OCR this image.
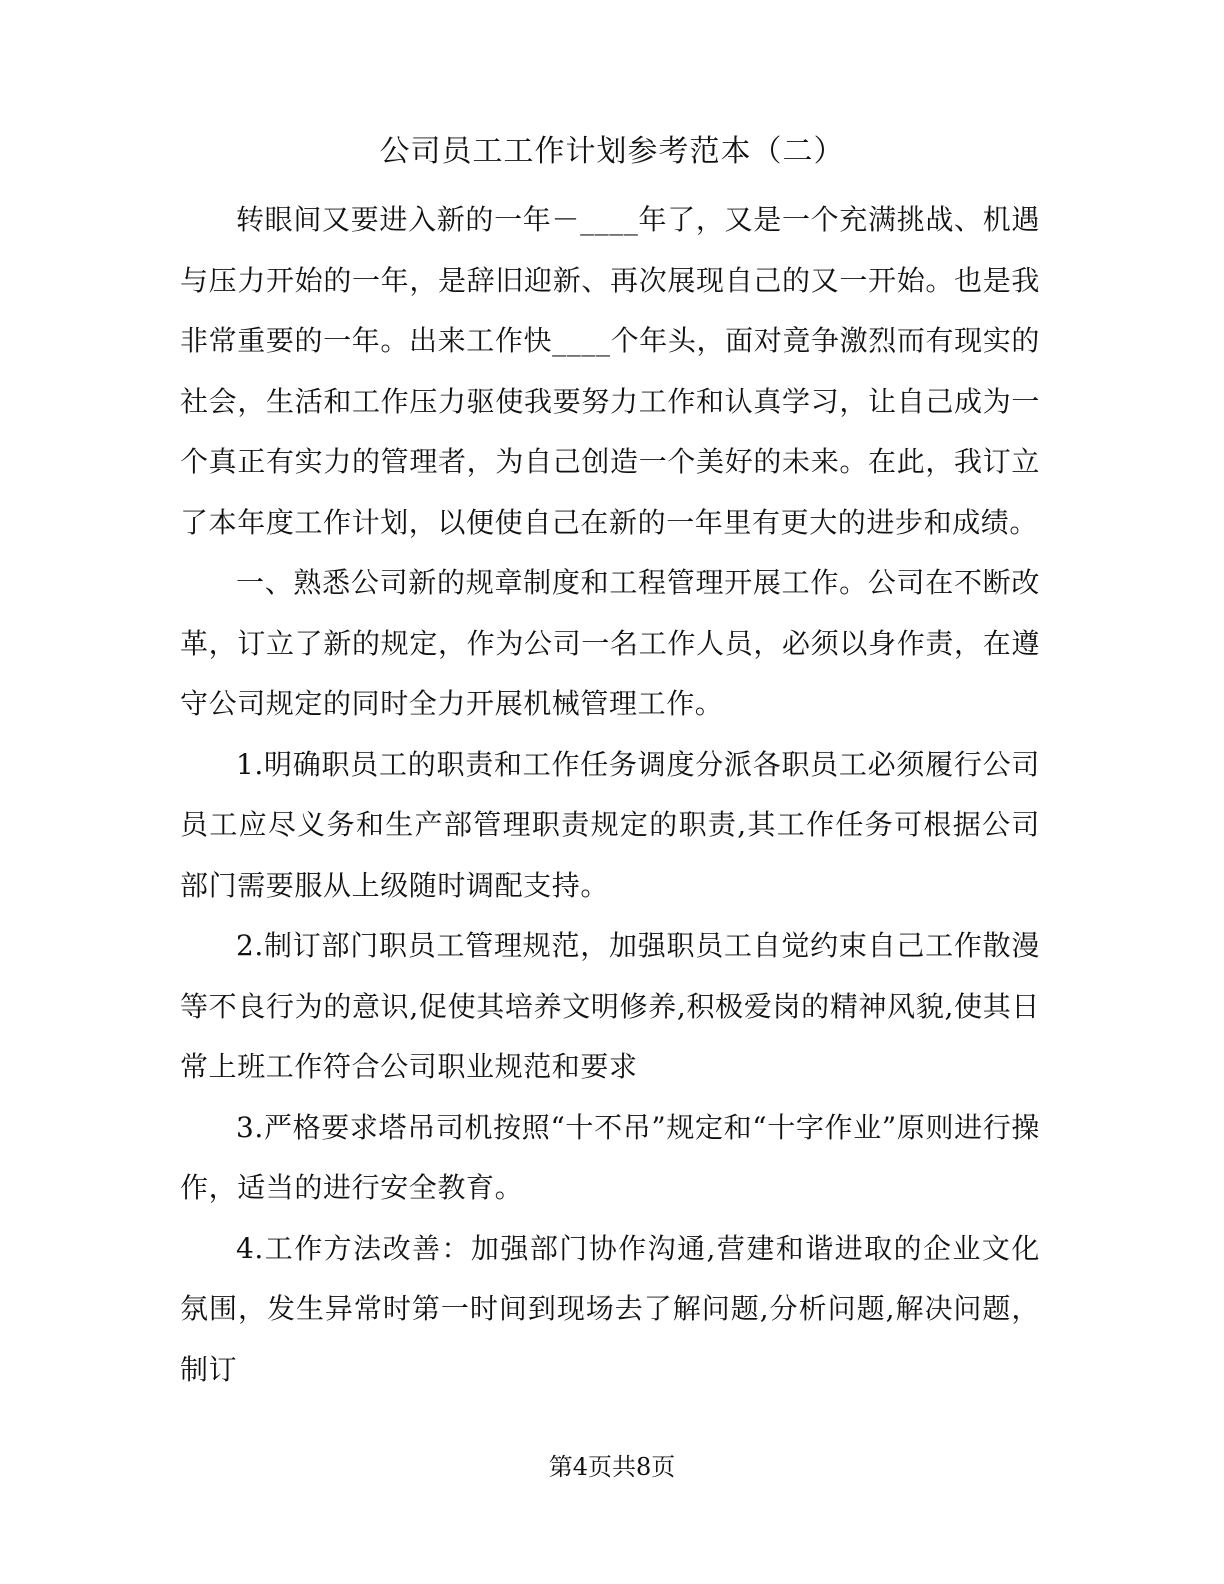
公司员工工作计划参考范本（二）

转眼间又要进入新的一年－____年了，又是一个充满挑战、机遇与压力开始的一年，是辞旧迎新、再次展现自己的又一开始。也是我非常重要的一年。出来工作快____个年头，面对竟争激烈而有现实的社会，生活和工作压力驱使我要努力工作和认真学习，让自己成为一个真正有实力的管理者，为自己创造一个美好的未来。在此，我订立了本年度工作计划，以便使自己在新的一年里有更大的进步和成绩。

一、熟悉公司新的规章制度和工程管理开展工作。公司在不断改革，订立了新的规定，作为公司一名工作人员，必须以身作责，在遵守公司规定的同时全力开展机械管理工作。

1.明确职员工的职责和工作任务调度分派各职员工必须履行公司员工应尽义务和生产部管理职责规定的职责,其工作任务可根据公司部门需要服从上级随时调配支持。

2.制订部门职员工管理规范，加强职员工自觉约束自己工作散漫等不良行为的意识,促使其培养文明修养,积极爱岗的精神风貌,使其日常上班工作符合公司职业规范和要求

3.严格要求塔吊司机按照“十不吊”规定和“十字作业”原则进行操作，适当的进行安全教育。

4.工作方法改善：加强部门协作沟通,营建和谐进取的企业文化氛围，发生异常时第一时间到现场去了解问题,分析问题,解决问题，制订

第4页共8页
